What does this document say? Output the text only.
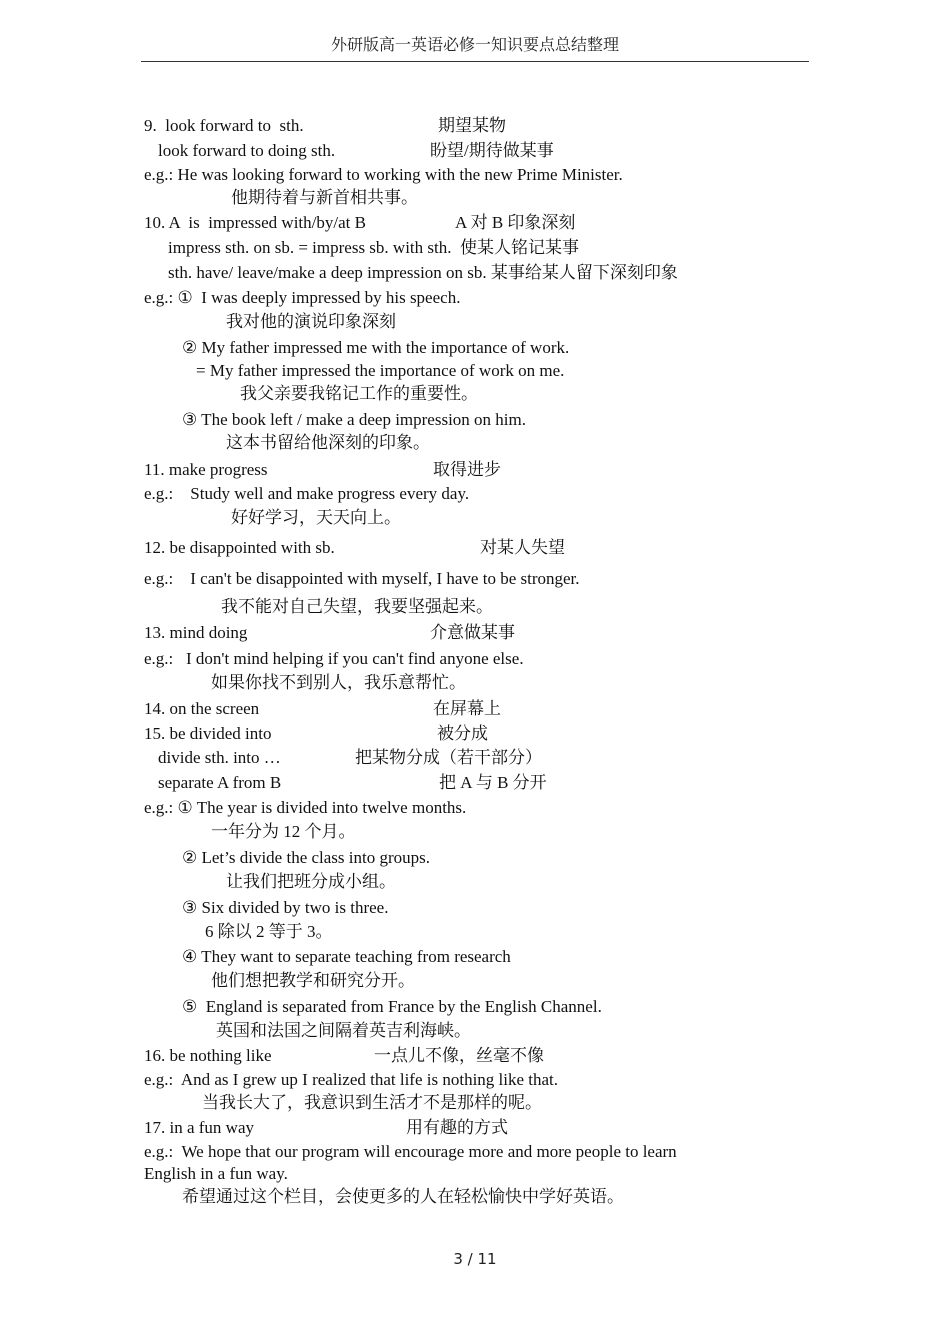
外研版高一英语必修一知识要点总结整理
9.  look forward to  sth.	期望某物
look forward to doing sth.	盼望/期待做某事
e.g.: He was looking forward to working with the new Prime Minister.
他期待着与新首相共事。
10. A  is  impressed with/by/at B	A 对 B 印象深刻
impress sth. on sb. = impress sb. with sth.  使某人铭记某事
sth. have/ leave/make a deep impression on sb. 某事给某人留下深刻印象
e.g.: ①  I was deeply impressed by his speech.
我对他的演说印象深刻
② My father impressed me with the importance of work.
= My father impressed the importance of work on me.
我父亲要我铭记工作的重要性。
③ The book left / make a deep impression on him.
这本书留给他深刻的印象。
11. make progress	取得进步
e.g.:    Study well and make progress every day.
好好学习，天天向上。
12. be disappointed with sb.	对某人失望
e.g.:    I can't be disappointed with myself, I have to be stronger.
我不能对自己失望，我要坚强起来。
13. mind doing	介意做某事
e.g.:   I don't mind helping if you can't find anyone else.
如果你找不到别人，我乐意帮忙。
14. on the screen	在屏幕上
15. be divided into	被分成
divide sth. into …	把某物分成（若干部分）
separate A from B	把 A 与 B 分开
e.g.: ① The year is divided into twelve months.
一年分为 12 个月。
② Let’s divide the class into groups.
让我们把班分成小组。
③ Six divided by two is three.
6 除以 2 等于 3。
④ They want to separate teaching from research
他们想把教学和研究分开。
⑤  England is separated from France by the English Channel.
英国和法国之间隔着英吉利海峡。
16. be nothing like	一点儿不像，丝毫不像
e.g.:  And as I grew up I realized that life is nothing like that.
当我长大了，我意识到生活才不是那样的呢。
17. in a fun way	用有趣的方式
e.g.:  We hope that our program will encourage more and more people to learn
English in a fun way.
希望通过这个栏目，会使更多的人在轻松愉快中学好英语。
3 / 11
